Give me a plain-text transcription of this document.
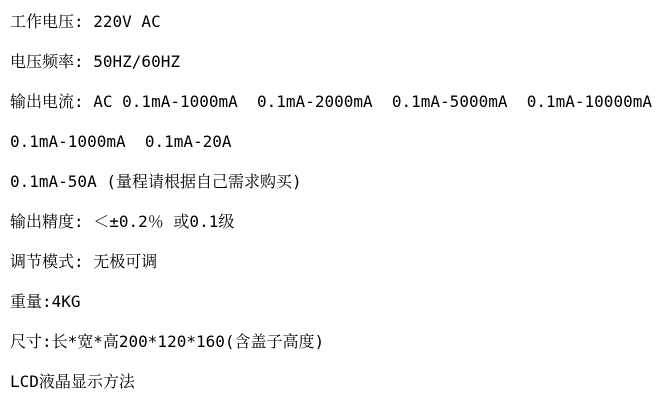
工作电压: 220V AC
电压频率: 50HZ/60HZ
输出电流: AC 0.1mA-1000mA  0.1mA-2000mA  0.1mA-5000mA  0.1mA-10000mA
0.1mA-1000mA  0.1mA-20A
0.1mA-50A (量程请根据自己需求购买)
输出精度: ＜±0.2％ 或0.1级
调节模式: 无极可调
重量:4KG
尺寸:长*宽*高200*120*160(含盖子高度)
LCD液晶显示方法
